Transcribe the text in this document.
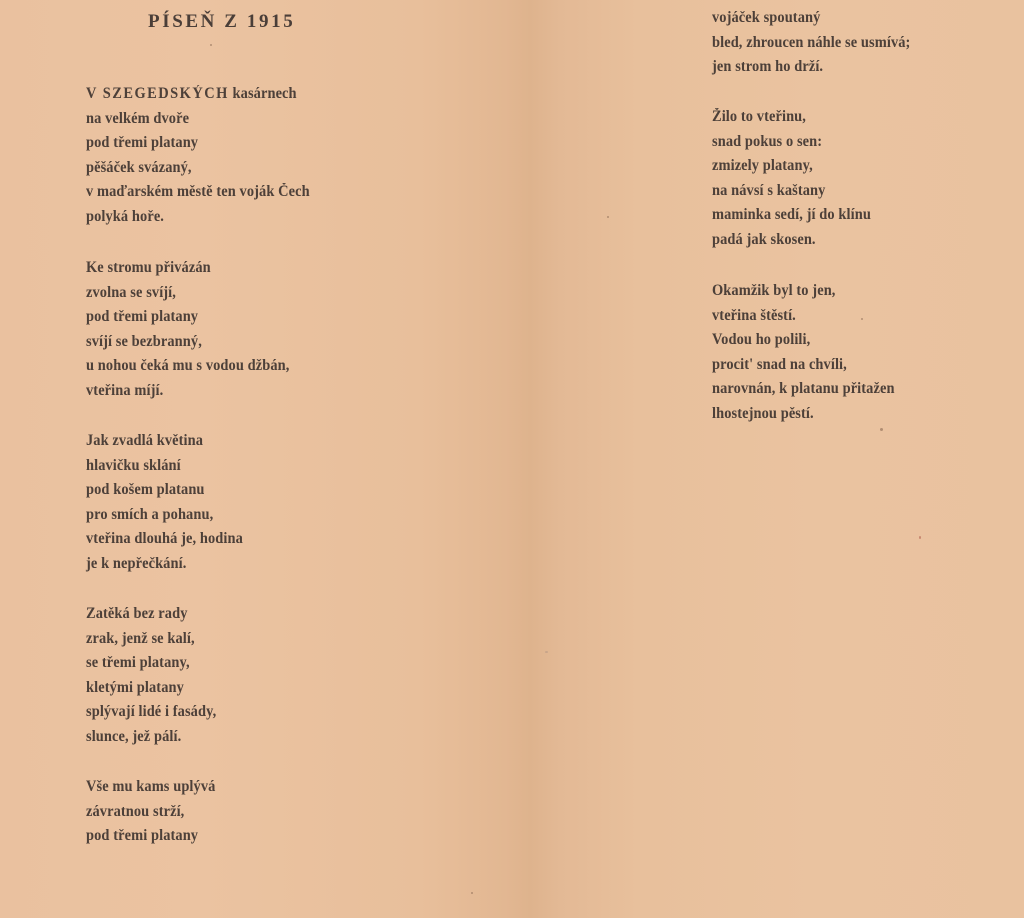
PÍSEŇ Z 1915
V SZEGEDSKÝCH kasárnech
na velkém dvoře
pod třemi platany
pěšáček svázaný,
v maďarském městě ten voják Čech
polyká hoře.
Ke stromu přivázán
zvolna se svíjí,
pod třemi platany
svíjí se bezbranný,
u nohou čeká mu s vodou džbán,
vteřina míjí.
Jak zvadlá květina
hlavičku sklání
pod košem platanu
pro smích a pohanu,
vteřina dlouhá je, hodina
je k nepřečkání.
Zatěká bez rady
zrak, jenž se kalí,
se třemi platany,
kletými platany
splývají lidé i fasády,
slunce, jež pálí.
Vše mu kams uplývá
závratnou strží,
pod třemi platany
vojáček spoutaný
bled, zhroucen náhle se usmívá;
jen strom ho drží.
Žilo to vteřinu,
snad pokus o sen:
zmizely platany,
na návsí s kaštany
maminka sedí, jí do klínu
padá jak skosen.
Okamžik byl to jen,
vteřina štěstí.
Vodou ho polili,
procit' snad na chvíli,
narovnán, k platanu přitažen
lhostejnou pěstí.
